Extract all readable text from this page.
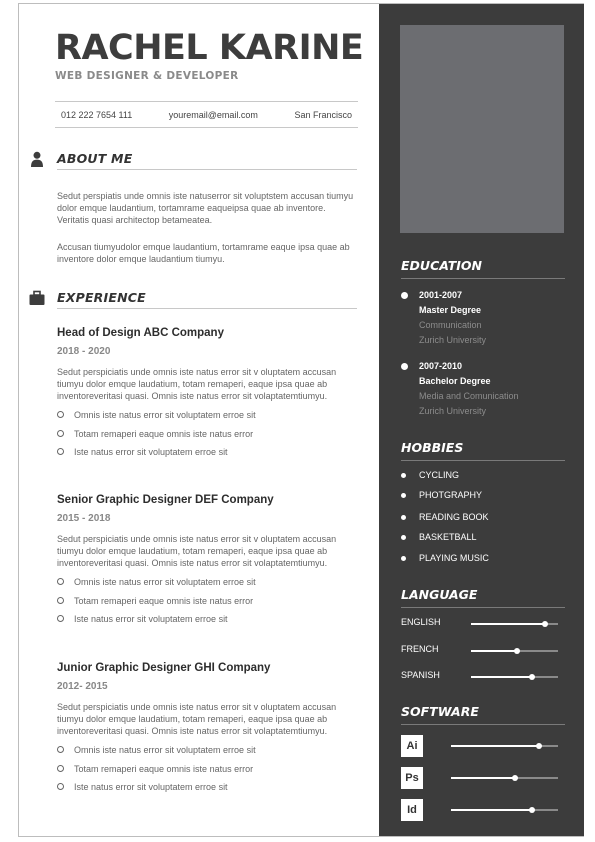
RACHEL KARINE
WEB DESIGNER & DEVELOPER
012 222 7654 111	youremail@email.com	San Francisco
ABOUT ME
Sedut perspiatis unde omnis iste natuserror sit voluptstem accusan tiumyu dolor emque laudantium, tortamrame eaqueipsa quae ab inventore. Veritatis quasi architectop betameatea.
Accusan tiumyudolor emque laudantium, tortamrame eaque ipsa quae ab inventore dolor emque laudantium tiumyu.
EXPERIENCE
Head of Design ABC Company
2018 - 2020
Sedut perspiciatis unde omnis iste natus error sit v oluptatem accusan tiumyu dolor emque laudatium, totam remaperi, eaque ipsa quae ab inventoreveritasi quasi. Omnis iste natus error sit volaptatemtiumyu.
Omnis iste natus error sit voluptatem erroe sit
Totam remaperi eaque omnis iste natus error
Iste natus error sit voluptatem erroe sit
Senior Graphic Designer DEF Company
2015 - 2018
Sedut perspiciatis unde omnis iste natus error sit v oluptatem accusan tiumyu dolor emque laudatium, totam remaperi, eaque ipsa quae ab inventoreveritasi quasi. Omnis iste natus error sit volaptatemtiumyu.
Omnis iste natus error sit voluptatem erroe sit
Totam remaperi eaque omnis iste natus error
Iste natus error sit voluptatem erroe sit
Junior Graphic Designer GHI Company
2012- 2015
Sedut perspiciatis unde omnis iste natus error sit v oluptatem accusan tiumyu dolor emque laudatium, totam remaperi, eaque ipsa quae ab inventoreveritasi quasi. Omnis iste natus error sit volaptatemtiumyu.
Omnis iste natus error sit voluptatem erroe sit
Totam remaperi eaque omnis iste natus error
Iste natus error sit voluptatem erroe sit
EDUCATION
2001-2007
Master Degree
Communication
Zurich University
2007-2010
Bachelor Degree
Media and Comunication
Zurich University
HOBBIES
CYCLING
PHOTGRAPHY
READING BOOK
BASKETBALL
PLAYING MUSIC
LANGUAGE
ENGLISH
FRENCH
SPANISH
SOFTWARE
Ai
Ps
Id
